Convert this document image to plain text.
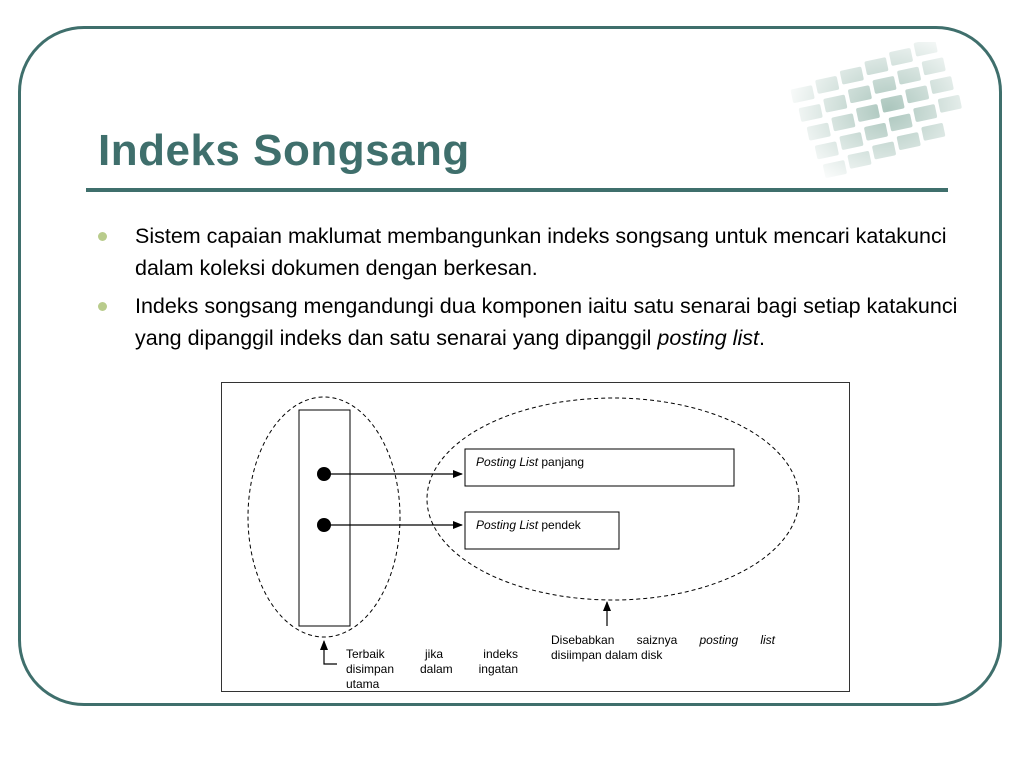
Indeks Songsang
Sistem capaian maklumat membangunkan indeks songsang untuk mencari katakunci dalam koleksi dokumen dengan berkesan.
Indeks songsang mengandungi dua komponen iaitu satu senarai bagi setiap katakunci yang dipanggil indeks dan satu senarai yang dipanggil posting list.
Posting List panjang
Posting List pendek
Terbaik	jika	indeks
disimpan dalam ingatan
utama
Disebabkan saiznya posting list
disiimpan dalam disk
